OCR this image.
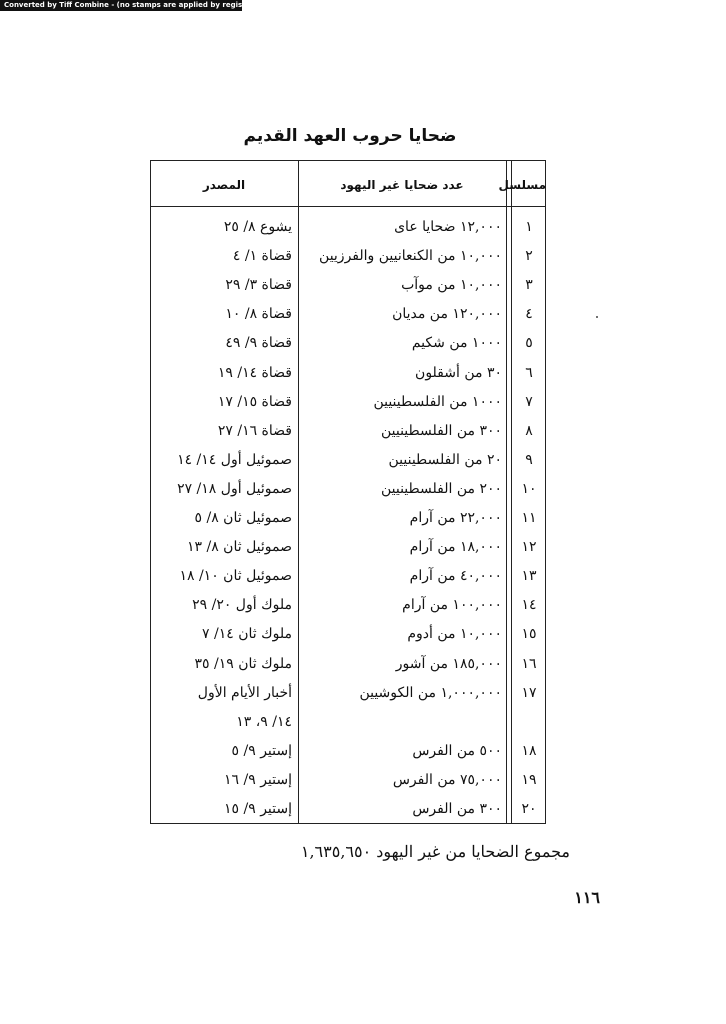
Converted by Tiff Combine - (no stamps are applied by registered version)
ضحايا حروب العهد القديم
مسلسل
عدد ضحايا غير اليهود
المصدر
١
١٢,٠٠٠ ضحايا عاى
يشوع ٨/ ٢٥
٢
١٠,٠٠٠ من الكنعانيين والفرزيين
قضاة ١/ ٤
٣
١٠,٠٠٠ من موآب
قضاة ٣/ ٢٩
٤
١٢٠,٠٠٠ من مديان
قضاة ٨/ ١٠
٥
١٠٠٠ من شكيم
قضاة ٩/ ٤٩
٦
٣٠ من أشقلون
قضاة ١٤/ ١٩
٧
١٠٠٠ من الفلسطينيين
قضاة ١٥/ ١٧
٨
٣٠٠ من الفلسطينيين
قضاة ١٦/ ٢٧
٩
٢٠ من الفلسطينيين
صموئيل أول ١٤/ ١٤
١٠
٢٠٠ من الفلسطينيين
صموئيل أول ١٨/ ٢٧
١١
٢٢,٠٠٠ من آرام
صموئيل ثان ٨/ ٥
١٢
١٨,٠٠٠ من آرام
صموئيل ثان ٨/ ١٣
١٣
٤٠,٠٠٠ من آرام
صموئيل ثان ١٠/ ١٨
١٤
١٠٠,٠٠٠ من آرام
ملوك أول ٢٠/ ٢٩
١٥
١٠,٠٠٠ من أدوم
ملوك ثان ١٤/ ٧
١٦
١٨٥,٠٠٠ من آشور
ملوك ثان ١٩/ ٣٥
١٧
١,٠٠٠,٠٠٠ من الكوشيين
أخبار الأيام الأول
١٤/ ٩، ١٣
١٨
٥٠٠ من الفرس
إستير ٩/ ٥
١٩
٧٥,٠٠٠ من الفرس
إستير ٩/ ١٦
٢٠
٣٠٠ من الفرس
إستير ٩/ ١٥
مجموع الضحايا من غير اليهود ١,٦٣٥,٦٥٠
١١٦
